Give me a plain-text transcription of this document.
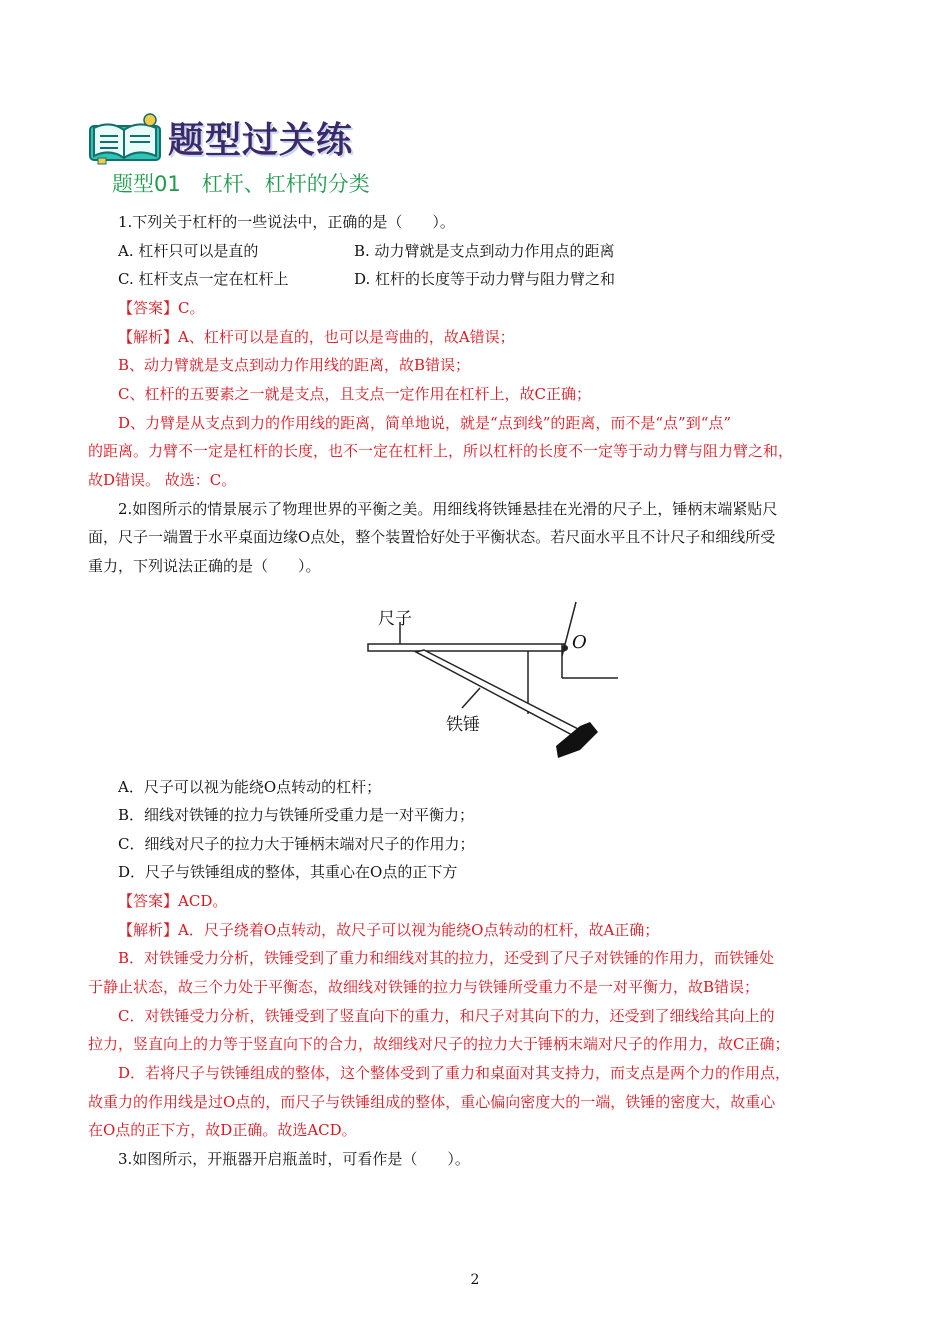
题型过关练
题型01　杠杆、杠杆的分类
1.下列关于杠杆的一些说法中，正确的是（　　）。
A. 杠杆只可以是直的	B. 动力臂就是支点到动力作用点的距离
C. 杠杆支点一定在杠杆上	D. 杠杆的长度等于动力臂与阻力臂之和
【答案】C。
【解析】A、杠杆可以是直的，也可以是弯曲的，故A错误；
B、动力臂就是支点到动力作用线的距离，故B错误；
C、杠杆的五要素之一就是支点，且支点一定作用在杠杆上，故C正确；
D、力臂是从支点到力的作用线的距离，简单地说，就是“点到线”的距离，而不是“点”到“点”
的距离。力臂不一定是杠杆的长度，也不一定在杠杆上，所以杠杆的长度不一定等于动力臂与阻力臂之和，
故D错误。 故选：C。
2.如图所示的情景展示了物理世界的平衡之美。用细线将铁锤悬挂在光滑的尺子上，锤柄末端紧贴尺
面，尺子一端置于水平桌面边缘O点处，整个装置恰好处于平衡状态。若尺面水平且不计尺子和细线所受
重力，下列说法正确的是（　　）。
尺子
铁锤
O
A．尺子可以视为能绕O点转动的杠杆；
B．细线对铁锤的拉力与铁锤所受重力是一对平衡力；
C．细线对尺子的拉力大于锤柄末端对尺子的作用力；
D．尺子与铁锤组成的整体，其重心在O点的正下方
【答案】ACD。
【解析】A．尺子绕着O点转动，故尺子可以视为能绕O点转动的杠杆，故A正确；
B．对铁锤受力分析，铁锤受到了重力和细线对其的拉力，还受到了尺子对铁锤的作用力，而铁锤处
于静止状态，故三个力处于平衡态，故细线对铁锤的拉力与铁锤所受重力不是一对平衡力，故B错误；
C．对铁锤受力分析，铁锤受到了竖直向下的重力，和尺子对其向下的力，还受到了细线给其向上的
拉力，竖直向上的力等于竖直向下的合力，故细线对尺子的拉力大于锤柄末端对尺子的作用力，故C正确；
D．若将尺子与铁锤组成的整体，这个整体受到了重力和桌面对其支持力，而支点是两个力的作用点，
故重力的作用线是过O点的，而尺子与铁锤组成的整体，重心偏向密度大的一端，铁锤的密度大，故重心
在O点的正下方，故D正确。故选ACD。
3.如图所示，开瓶器开启瓶盖时，可看作是（　　）。
2
